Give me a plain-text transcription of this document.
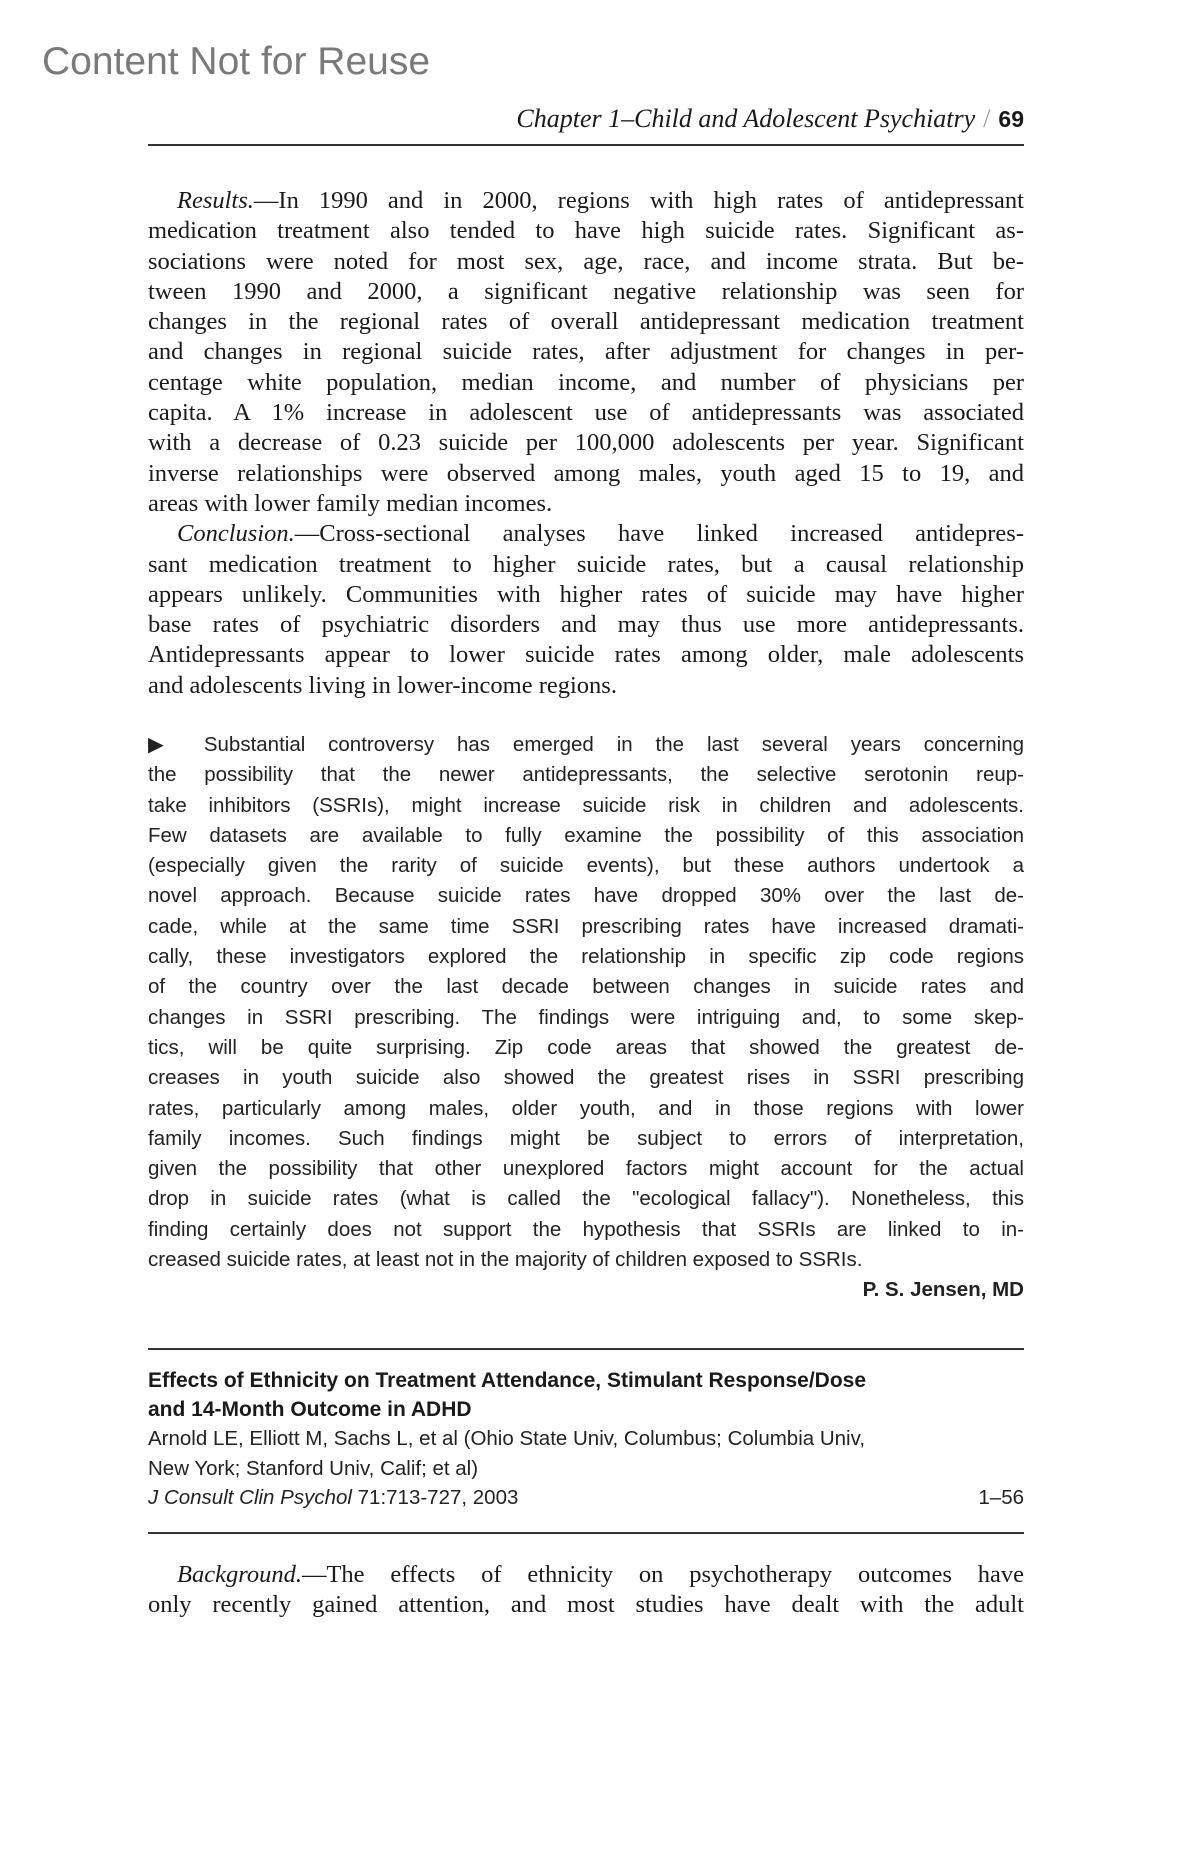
Content Not for Reuse
Chapter 1–Child and Adolescent Psychiatry / 69
Results.—In 1990 and in 2000, regions with high rates of antidepressant
medication treatment also tended to have high suicide rates. Significant as-
sociations were noted for most sex, age, race, and income strata. But be-
tween 1990 and 2000, a significant negative relationship was seen for
changes in the regional rates of overall antidepressant medication treatment
and changes in regional suicide rates, after adjustment for changes in per-
centage white population, median income, and number of physicians per
capita. A 1% increase in adolescent use of antidepressants was associated
with a decrease of 0.23 suicide per 100,000 adolescents per year. Significant
inverse relationships were observed among males, youth aged 15 to 19, and
areas with lower family median incomes.
Conclusion.—Cross-sectional analyses have linked increased antidepres-
sant medication treatment to higher suicide rates, but a causal relationship
appears unlikely. Communities with higher rates of suicide may have higher
base rates of psychiatric disorders and may thus use more antidepressants.
Antidepressants appear to lower suicide rates among older, male adolescents
and adolescents living in lower-income regions.
▶ Substantial controversy has emerged in the last several years concerning
the possibility that the newer antidepressants, the selective serotonin reup-
take inhibitors (SSRIs), might increase suicide risk in children and adolescents.
Few datasets are available to fully examine the possibility of this association
(especially given the rarity of suicide events), but these authors undertook a
novel approach. Because suicide rates have dropped 30% over the last de-
cade, while at the same time SSRI prescribing rates have increased dramati-
cally, these investigators explored the relationship in specific zip code regions
of the country over the last decade between changes in suicide rates and
changes in SSRI prescribing. The findings were intriguing and, to some skep-
tics, will be quite surprising. Zip code areas that showed the greatest de-
creases in youth suicide also showed the greatest rises in SSRI prescribing
rates, particularly among males, older youth, and in those regions with lower
family incomes. Such findings might be subject to errors of interpretation,
given the possibility that other unexplored factors might account for the actual
drop in suicide rates (what is called the "ecological fallacy"). Nonetheless, this
finding certainly does not support the hypothesis that SSRIs are linked to in-
creased suicide rates, at least not in the majority of children exposed to SSRIs.
P. S. Jensen, MD
Effects of Ethnicity on Treatment Attendance, Stimulant Response/Dose
and 14-Month Outcome in ADHD
Arnold LE, Elliott M, Sachs L, et al (Ohio State Univ, Columbus; Columbia Univ,
New York; Stanford Univ, Calif; et al)
J Consult Clin Psychol 71:713-727, 2003	1–56
Background.—The effects of ethnicity on psychotherapy outcomes have
only recently gained attention, and most studies have dealt with the adult
